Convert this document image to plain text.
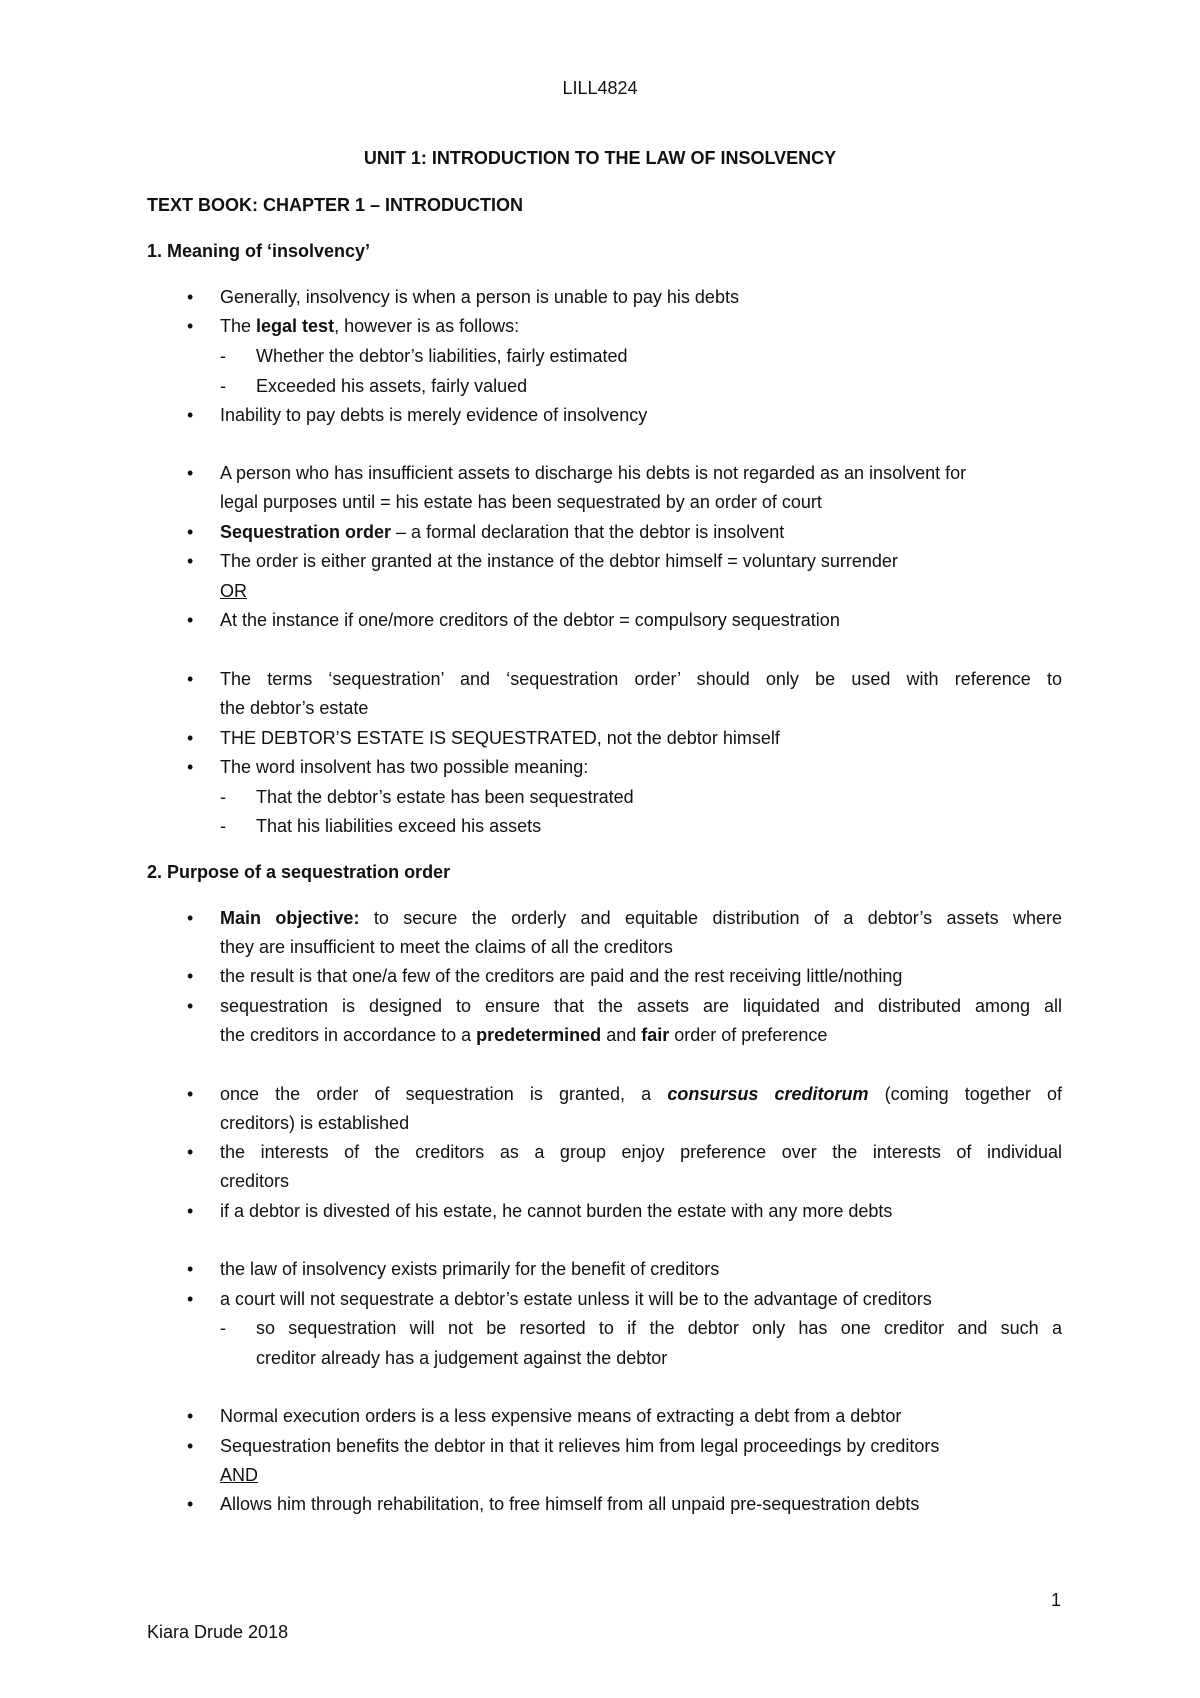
LILL4824
UNIT 1: INTRODUCTION TO THE LAW OF INSOLVENCY
TEXT BOOK: CHAPTER 1 – INTRODUCTION
1. Meaning of ‘insolvency’
• Generally, insolvency is when a person is unable to pay his debts
• The legal test, however is as follows:
- Whether the debtor’s liabilities, fairly estimated
- Exceeded his assets, fairly valued
• Inability to pay debts is merely evidence of insolvency
• A person who has insufficient assets to discharge his debts is not regarded as an insolvent for
legal purposes until = his estate has been sequestrated by an order of court
• Sequestration order – a formal declaration that the debtor is insolvent
• The order is either granted at the instance of the debtor himself = voluntary surrender
OR
• At the instance if one/more creditors of the debtor = compulsory sequestration
• The terms ‘sequestration’ and ‘sequestration order’ should only be used with reference to
the debtor’s estate
• THE DEBTOR’S ESTATE IS SEQUESTRATED, not the debtor himself
• The word insolvent has two possible meaning:
- That the debtor’s estate has been sequestrated
- That his liabilities exceed his assets
2. Purpose of a sequestration order
• Main objective: to secure the orderly and equitable distribution of a debtor’s assets where
they are insufficient to meet the claims of all the creditors
• the result is that one/a few of the creditors are paid and the rest receiving little/nothing
• sequestration is designed to ensure that the assets are liquidated and distributed among all
the creditors in accordance to a predetermined and fair order of preference
• once the order of sequestration is granted, a consursus creditorum (coming together of
creditors) is established
• the interests of the creditors as a group enjoy preference over the interests of individual
creditors
• if a debtor is divested of his estate, he cannot burden the estate with any more debts
• the law of insolvency exists primarily for the benefit of creditors
• a court will not sequestrate a debtor’s estate unless it will be to the advantage of creditors
- so sequestration will not be resorted to if the debtor only has one creditor and such a
creditor already has a judgement against the debtor
• Normal execution orders is a less expensive means of extracting a debt from a debtor
• Sequestration benefits the debtor in that it relieves him from legal proceedings by creditors
AND
• Allows him through rehabilitation, to free himself from all unpaid pre-sequestration debts
1
Kiara Drude 2018
